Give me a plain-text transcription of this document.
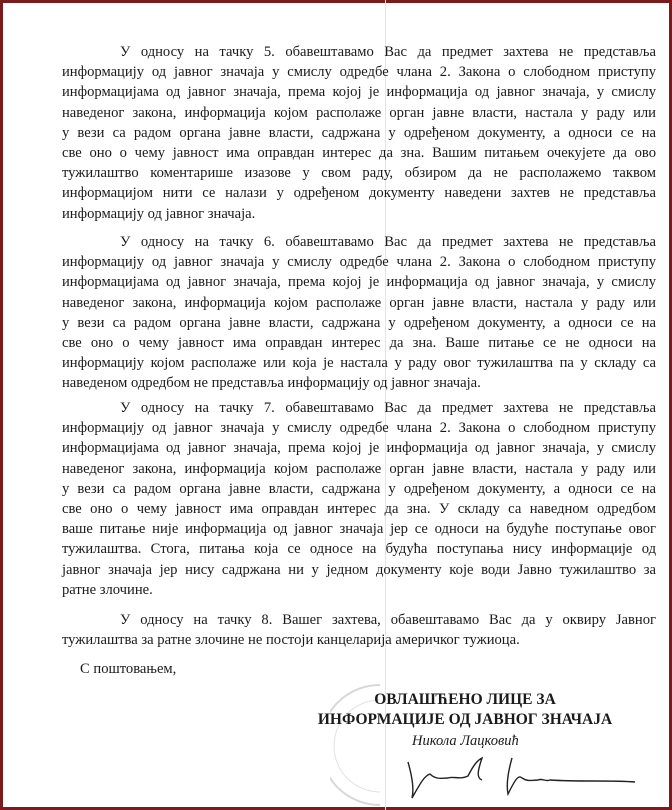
У односу на тачку 5. обавештавамо Вас да предмет захтева не представља
информацију од јавног значаја у смислу одредбе члана 2. Закона о слободном приступу
информацијама од јавног значаја, према којој је информација од јавног значаја, у смислу
наведеног закона, информација којом располаже орган јавне власти, настала у раду или
у вези са радом органа јавне власти, садржана у одређеном документу, а односи се на
све оно о чему јавност има оправдан интерес да зна. Вашим питањем очекујете да ово
тужилаштво коментарише изазове у свом раду, обзиром да не располажемо таквом
информацијом нити се налази у одређеном документу наведени захтев не представља
информацију од јавног значаја.
У односу на тачку 6. обавештавамо Вас да предмет захтева не представља
информацију од јавног значаја у смислу одредбе члана 2. Закона о слободном приступу
информацијама од јавног значаја, према којој је информација од јавног значаја, у смислу
наведеног закона, информација којом располаже орган јавне власти, настала у раду или
у вези са радом органа јавне власти, садржана у одређеном документу, а односи се на
све оно о чему јавност има оправдан интерес да зна. Ваше питање се не односи на
информацију којом располаже или која је настала у раду овог тужилаштва па у складу са
наведеном одредбом не представља информацију од јавног значаја.
У односу на тачку 7. обавештавамо Вас да предмет захтева не представља
информацију од јавног значаја у смислу одредбе члана 2. Закона о слободном приступу
информацијама од јавног значаја, према којој је информација од јавног значаја, у смислу
наведеног закона, информација којом располаже орган јавне власти, настала у раду или
у вези са радом органа јавне власти, садржана у одређеном документу, а односи се на
све оно о чему јавност има оправдан интерес да зна. У складу са наведном одредбом
ваше питање није информација од јавног значаја јер се односи на будуће поступање овог
тужилаштва. Стога, питања која се односе на будућа поступања нису информације од
јавног значаја јер нису садржана ни у једном документу које води Јавно тужилаштво за
ратне злочине.
У односу на тачку 8. Вашег захтева, обавештавамо Вас да у оквиру Јавног
тужилаштва за ратне злочине не постоји канцеларија америчког тужиоца.
С поштовањем,
ОВЛАШЋЕНО ЛИЦЕ ЗА
ИНФОРМАЦИЈЕ ОД ЈАВНОГ ЗНАЧАЈА
Никола Лацковић
